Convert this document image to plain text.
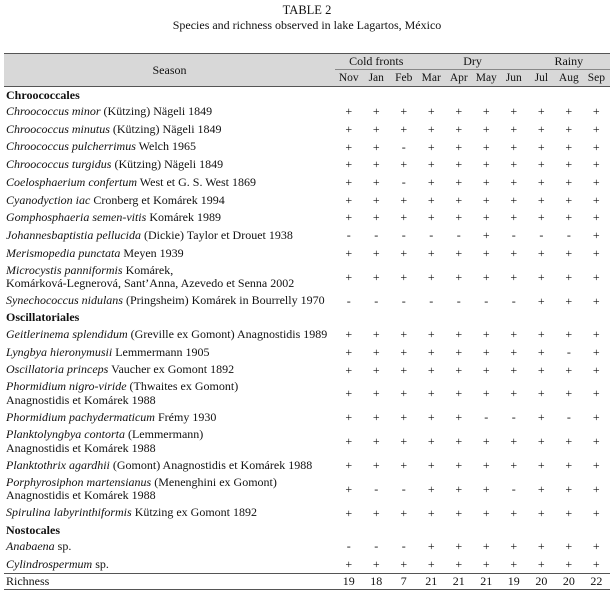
TABLE 2
Species and richness observed in lake Lagartos, México
Season	Cold fronts			Dry				Rainy		
	Nov	Jan	Feb	Mar	Apr	May	Jun	Jul	Aug	Sep
Chroococcales										
Chroococcus minor (Kützing) Nägeli 1849	+	+	+	+	+	+	+	+	+	+
Chroococcus minutus (Kützing) Nägeli 1849	+	+	+	+	+	+	+	+	+	+
Chroococcus pulcherrimus Welch 1965	+	+	-	+	+	+	+	+	+	+
Chroococcus turgidus (Kützing) Nägeli 1849	+	+	+	+	+	+	+	+	+	+
Coelosphaerium confertum West et G. S. West 1869	+	+	-	+	+	+	+	+	+	+
Cyanodyction iac Cronberg et Komárek 1994	+	+	+	+	+	+	+	+	+	+
Gomphosphaeria semen-vitis Komárek 1989	+	+	+	+	+	+	+	+	+	+
Johannesbaptistia pellucida (Dickie) Taylor et Drouet 1938	-	-	-	-	-	+	-	-	-	+
Merismopedia punctata Meyen 1939	+	+	+	+	+	+	+	+	+	+
Microcystis panniformis Komárek,
Komárková-Legnerová, Sant’Anna, Azevedo et Senna 2002	+	+	+	+	+	+	+	+	+	+
Synechococcus nidulans (Pringsheim) Komárek in Bourrelly 1970	-	-	-	-	-	-	-	+	+	+
Oscillatoriales										
Geitlerinema splendidum (Greville ex Gomont) Anagnostidis 1989	+	+	+	+	+	+	+	+	+	+
Lyngbya hieronymusii Lemmermann 1905	+	+	+	+	+	+	+	+	-	+
Oscillatoria princeps Vaucher ex Gomont 1892	+	+	+	+	+	+	+	+	+	+
Phormidium nigro-viride (Thwaites ex Gomont)
Anagnostidis et Komárek 1988	+	+	+	+	+	+	+	+	+	+
Phormidium pachydermaticum Frémy 1930	+	+	+	+	+	-	-	+	-	+
Planktolyngbya contorta (Lemmermann)
Anagnostidis et Komárek 1988	+	+	+	+	+	+	+	+	+	+
Planktothrix agardhii (Gomont) Anagnostidis et Komárek 1988	+	+	+	+	+	+	+	+	+	+
Porphyrosiphon martensianus (Menenghini ex Gomont)
Anagnostidis et Komárek 1988	+	-	-	+	+	+	-	+	+	+
Spirulina labyrinthiformis Kützing ex Gomont 1892	+	+	+	+	+	+	+	+	+	+
Nostocales										
Anabaena sp.	-	-	-	+	+	+	+	+	+	+
Cylindrospermum sp.	+	+	+	+	+	+	+	+	+	+
Richness	19	18	7	21	21	21	19	20	20	22
